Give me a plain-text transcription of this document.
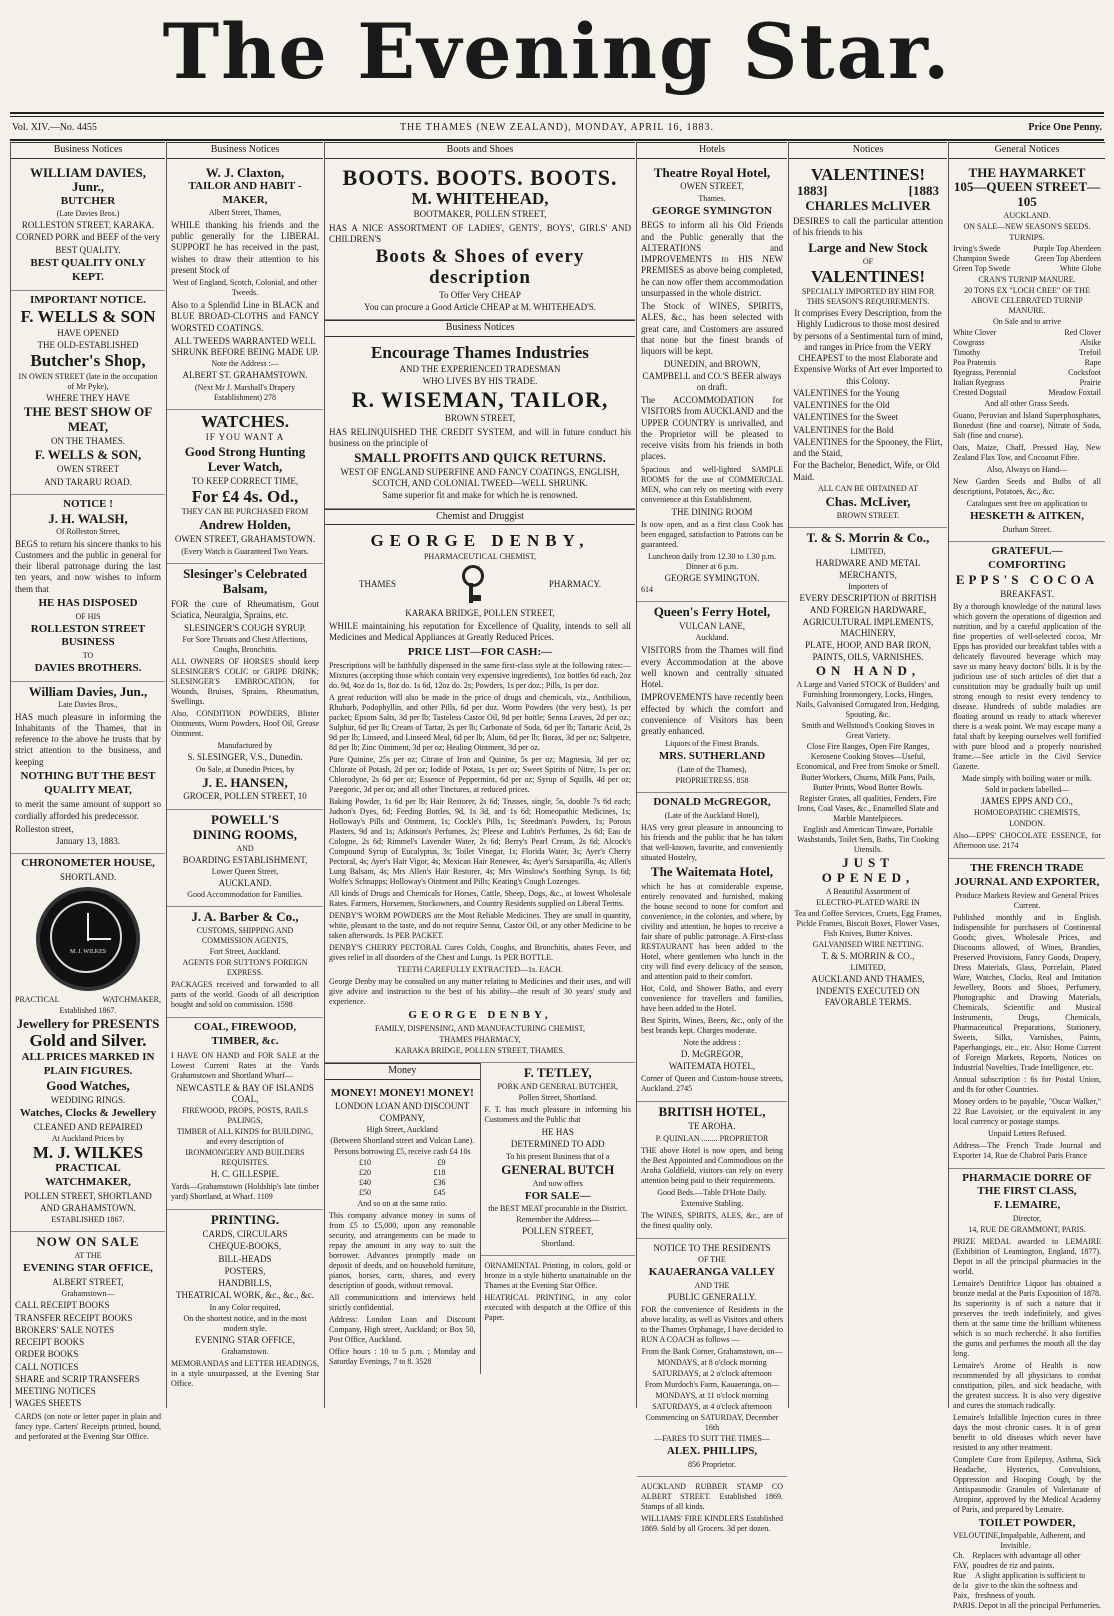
The Evening Star.
Vol. XIV.—No. 4455	THE THAMES (NEW ZEALAND), MONDAY, APRIL 16, 1883.	Price One Penny.
Business Notices
WILLIAM DAVIES, Junr.,
BUTCHER
(Late Davies Bros.)
ROLLESTON STREET, KARAKA.
CORNED PORK and BEEF of the very
BEST QUALITY.
BEST QUALITY ONLY KEPT.
IMPORTANT NOTICE.
F. WELLS & SON
HAVE OPENED
THE OLD-ESTABLISHED
Butcher's Shop,
IN OWEN STREET (late in the occupation of Mr Pyke),
WHERE THEY HAVE
THE BEST SHOW OF
MEAT,
ON THE THAMES.
F. WELLS & SON,
OWEN STREET
AND TARARU ROAD.
NOTICE !
J. H. WALSH,
Of Rolleston Street,
BEGS to return his sincere thanks to his Customers and the public in general for their liberal patronage during the last ten years, and now wishes to inform them that
HE HAS DISPOSED
OF HIS
ROLLESTON STREET BUSINESS
TO
DAVIES BROTHERS.
William Davies, Jun.,
Late Davies Bros.,
HAS much pleasure in informing the Inhabitants of the Thames, that in reference to the above he trusts that by strict attention to the business, and keeping
NOTHING BUT THE BEST
QUALITY MEAT,
to merit the same amount of support so cordially afforded his predecessor.
Rolleston street,
January 13, 1883.
CHRONOMETER HOUSE,
SHORTLAND.
M. J. WILKES
PRACTICAL	WATCHMAKER,
Established 1867.
Jewellery for PRESENTS
Gold and Silver.
ALL PRICES MARKED IN PLAIN FIGURES.
Good Watches,
WEDDING RINGS.
Watches, Clocks & Jewellery
CLEANED AND REPAIRED
At Auckland Prices by
M. J. WILKES
PRACTICAL WATCHMAKER,
POLLEN STREET, SHORTLAND
AND GRAHAMSTOWN.
ESTABLISHED 1867.
NOW ON SALE
AT THE
EVENING STAR OFFICE,
ALBERT STREET,
Grahamstown—
CALL RECEIPT BOOKS
TRANSFER RECEIPT BOOKS
BROKERS' SALE NOTES
RECEIPT BOOKS
ORDER BOOKS
CALL NOTICES
SHARE and SCRIP TRANSFERS
MEETING NOTICES
WAGES SHEETS
CARDS (on note or letter paper in plain and fancy type. Carters' Receipts printed, bound, and perforated at the Evening Star Office.
Business Notices
W. J. Claxton,
TAILOR AND HABIT - MAKER,
Albert Street, Thames,
WHILE thanking his friends and the public generally for the LIBERAL SUPPORT he has received in the past, wishes to draw their attention to his present Stock of
West of England, Scotch, Colonial, and other Tweeds.
Also to a Splendid Line in BLACK and BLUE BROAD-CLOTHS and FANCY WORSTED COATINGS.
ALL TWEEDS WARRANTED WELL SHRUNK BEFORE BEING MADE UP.
Note the Address :—
ALBERT ST. GRAHAMSTOWN.
(Next Mr J. Marshall's Drapery Establishment) 278
WATCHES.
IF YOU WANT A
Good Strong Hunting Lever Watch,
TO KEEP CORRECT TIME,
For £4 4s. Od.,
THEY CAN BE PURCHASED FROM
Andrew Holden,
OWEN STREET, GRAHAMSTOWN.
(Every Watch is Guaranteed Two Years.
Slesinger's Celebrated Balsam,
FOR the cure of Rheumatism, Gout Sciatica, Neuralgia, Sprains, etc.
SLESINGER'S COUGH SYRUP.
For Sore Throats and Chest Affections, Coughs, Bronchitis.
ALL OWNERS OF HORSES should keep SLESINGER'S COLIC or GRIPE DRINK; SLESINGER'S EMBROCATION, for Wounds, Bruises, Sprains, Rheumatism, Swellings.
Also, CONDITION POWDERS, Blister Ointments, Worm Powders, Hoof Oil, Grease Ointment.
Manufactured by
S. SLESINGER, V.S., Dunedin.
On Sale, at Dunedin Prices, by
J. E. HANSEN,
GROCER, POLLEN STREET, 10
POWELL'S
DINING ROOMS,
AND
BOARDING ESTABLISHMENT,
Lower Queen Street,
AUCKLAND.
Good Accommodation for Families.
J. A. Barber & Co.,
CUSTOMS, SHIPPING AND COMMISSION AGENTS,
Fort Street, Auckland.
AGENTS FOR SUTTON'S FOREIGN EXPRESS.
PACKAGES received and forwarded to all parts of the world. Goods of all description bought and sold on commission. 1598
COAL, FIREWOOD, TIMBER, &c.
I HAVE ON HAND and FOR SALE at the Lowest Current Rates at the Yards Grahamstown and Shortland Wharf—
NEWCASTLE & BAY OF ISLANDS COAL,
FIREWOOD, PROPS, POSTS, RAILS PALINGS,
TIMBER of ALL KINDS for BUILDING, and every description of
IRONMONGERY AND BUILDERS REQUISITES.
H. C. GILLESPIE.
Yards—Grahamstown (Holdship's late timber yard) Shortland, at Wharf. 1109
PRINTING.
CARDS, CIRCULARS
CHEQUE-BOOKS,
BILL-HEADS
POSTERS,
HANDBILLS,
THEATRICAL WORK, &c., &c., &c.
In any Color required,
On the shortest notice, and in the most modern style.
EVENING STAR OFFICE,
Grahamstown.
MEMORANDAS and LETTER HEADINGS, in a style unsurpassed, at the Evening Star Office.
Boots and Shoes
BOOTS. BOOTS. BOOTS.
M. WHITEHEAD,
BOOTMAKER, POLLEN STREET,
HAS A NICE ASSORTMENT OF LADIES', GENTS', BOYS', GIRLS' AND CHILDREN'S
Boots & Shoes of every description
To Offer Very CHEAP
You can procure a Good Article CHEAP at M. WHITEHEAD'S.
Business Notices
Encourage Thames Industries
AND THE EXPERIENCED TRADESMAN
WHO LIVES BY HIS TRADE.
R. WISEMAN, TAILOR,
BROWN STREET,
HAS RELINQUISHED THE CREDIT SYSTEM, and will in future conduct his business on the principle of
SMALL PROFITS AND QUICK RETURNS.
WEST OF ENGLAND SUPERFINE AND FANCY COATINGS, ENGLISH, SCOTCH, AND COLONIAL TWEED—WELL SHRUNK.
Same superior fit and make for which he is renowned.
Chemist and Druggist
GEORGE DENBY,
PHARMACEUTICAL CHEMIST,
THAMES	PHARMACY.
KARAKA BRIDGE, POLLEN STREET,
WHILE maintaining his reputation for Excellence of Quality, intends to sell all Medicines and Medical Appliances at Greatly Reduced Prices.
PRICE LIST—FOR CASH:—
Prescriptions will be faithfully dispensed in the same first-class style at the following rates:—Mixtures (accepting those which contain very expensive ingredients), 1oz bottles 6d each, 2oz do. 9d, 4oz do 1s, 8oz do. 1s 6d, 12oz do. 2s; Powders, 1s per doz.; Pills, 1s per doz.
A great reduction will also be made in the price of drugs and chemicals, viz., Antibilious, Rhubarb, Podophyllin, and other Pills, 6d per doz. Worm Powders (the very best), 1s per packet; Epsom Salts, 3d per lb; Tasteless Castor Oil, 9d per bottle; Senna Leaves, 2d per oz.; Sulphur, 6d per lb; Cream of Tartar, 2s per lb; Carbonate of Soda, 6d per lb; Tartaric Acid, 2s 9d per lb; Linseed, and Linseed Meal, 6d per lb; Alum, 6d per lb; Borax, 3d per oz; Saltpetre, 8d per lb; Zinc Ointment, 3d per oz; Healing Ointment, 3d per oz.
Pure Quinine, 25s per oz; Citrate of Iron and Quinine, 5s per oz; Magnesia, 3d per oz; Chlorate of Potash, 2d per oz; Iodide of Potass, 1s per oz; Sweet Spirits of Nitre, 1s per oz; Chlorodyne, 2s 6d per oz; Essence of Peppermint, 6d per oz; Syrup of Squills, 4d per oz; Paregoric, 3d per oz; and all other Tinctures, at reduced prices.
Baking Powder, 1s 6d per lb; Hair Restorer, 2s 6d; Trusses, single, 5s, double 7s 6d each; Judson's Dyes, 6d; Feeding Bottles, 9d, 1s 3d, and 1s 6d; Homeopathic Medicines, 1s; Holloway's Pills and Ointment, 1s; Cockle's Pills, 1s; Steedman's Powders, 1s; Porous Plasters, 9d and 1s; Atkinson's Perfumes, 2s; Pleese and Lubin's Perfumes, 2s 6d; Eau de Cologne, 2s 6d; Rimmel's Lavender Water, 2s 6d; Berry's Pearl Cream, 2s 6d; Alcock's Compound Syrup of Eucalyptus, 3s; Toilet Vinegar, 1s; Florida Water, 3s; Ayer's Cherry Pectoral, 4s; Ayer's Hair Vigor, 4s; Mexican Hair Renewer, 4s; Ayer's Sarsaparilla, 4s; Allen's Lung Balsam, 4s; Mrs Allen's Hair Restorer, 4s; Mrs Winslow's Soothing Syrup, 1s 6d; Wolfe's Schnapps; Holloway's Ointment and Pills; Keating's Cough Lozenges.
All kinds of Drugs and Chemicals for Horses, Cattle, Sheep, Dogs, &c., at lowest Wholesale Rates. Farmers, Horsemen, Stockowners, and Country Residents supplied on Liberal Terms.
DENBY'S WORM POWDERS are the Most Reliable Medicines. They are small in quantity, white, pleasant to the taste, and do not require Senna, Castor Oil, or any other Medicine to be taken afterwards. 1s PER PACKET.
DENBY'S CHERRY PECTORAL Cures Colds, Coughs, and Bronchitis, abates Fever, and gives relief in all disorders of the Chest and Lungs. 1s PER BOTTLE.
TEETH CAREFULLY EXTRACTED—1s. EACH.
George Denby may be consulted on any matter relating to Medicines and their uses, and will give advice and instruction to the best of his ability—the result of 30 years' study and experience.
GEORGE DENBY,
FAMILY, DISPENSING, AND MANUFACTURING CHEMIST,
THAMES PHARMACY,
KARAKA BRIDGE, POLLEN STREET, THAMES.
Money
MONEY! MONEY! MONEY!
LONDON LOAN AND DISCOUNT COMPANY,
High Street, Auckland
(Between Shortland street and Vulcan Lane).
Persons borrowing £5, receive cash £4 10s
£10	£9
£20	£18
£40	£36
£50	£45
And so on at the same ratio.
This company advance money in sums of from £5 to £5,000, upon any reasonable security, and arrangements can be made to repay the amount in any way to suit the borrower. Advances promptly made on deposit of deeds, and on household furniture, pianos, horses, carts, shares, and every description of goods, without removal.
All communications and interviews held strictly confidential.
Address: London Loan and Discount Company, High street, Auckland; or Box 50, Post Office, Auckland.
Office hours : 10 to 5 p.m. ; Monday and Saturday Evenings, 7 to 8. 3528
F. TETLEY,
PORK AND GENERAL BUTCHER,
Pollen Street, Shortland.
F. T. has much pleasure in informing his Customers and the Public that
HE HAS
DETERMINED TO ADD
To his present Business that of a
GENERAL BUTCH
And now offers
FOR SALE—
the BEST MEAT procurable in the District.
Remember the Address—
POLLEN STREET,
Shortland.
ORNAMENTAL Printing, in colors, gold or bronze in a style hitherto unattainable on the Thames at the Evening Star Office.
HEATRICAL PRINTING, in any color executed with despatch at the Office of this Paper.
Hotels
Theatre Royal Hotel,
OWEN STREET,
Thames.
GEORGE SYMINGTON
BEGS to inform all his Old Friends and the Public generally that the ALTERATIONS and IMPROVEMENTS to HIS NEW PREMISES as above being completed, he can now offer them accommodation unsurpassed in the whole district.
The Stock of WINES, SPIRITS, ALES, &c., has been selected with great care, and Customers are assured that none but the finest brands of liquors will be kept.
DUNEDIN, and BROWN, CAMPBELL and CO.'S BEER always on draft.
The ACCOMMODATION for VISITORS from AUCKLAND and the UPPER COUNTRY is unrivalled, and the Proprietor will be pleased to receive visits from his friends in both places.
Spacious and well-lighted SAMPLE ROOMS for the use of COMMERCIAL MEN, who can rely on meeting with every convenience at this Establishment.
THE DINING ROOM
Is now open, and as a first class Cook has been engaged, satisfaction to Patrons can be guaranteed.
Luncheon daily from 12.30 to 1.30 p.m. Dinner at 6 p.m.
GEORGE SYMINGTON.
614
Queen's Ferry Hotel,
VULCAN LANE,
Auckland.
VISITORS from the Thames will find every Accommodation at the above well known and centrally situated Hotel.
IMPROVEMENTS have recently been effected by which the comfort and convenience of Visitors has been greatly enhanced.
Liquors of the Finest Brands.
MRS. SUTHERLAND
(Late of the Thames),
PROPRIETRESS. 858
DONALD McGREGOR,
(Late of the Auckland Hotel),
HAS very great pleasure in announcing to his friends and the public that he has taken that well-known, favorite, and conveniently situated Hostelry,
The Waitemata Hotel,
which he has at considerable expense, entirely renovated and furnished, making the house second to none for comfort and convenience, in the colonies, and where, by civility and attention, he hopes to receive a fair share of public patronage. A First-class RESTAURANT has been added to the Hotel, where gentlemen who lunch in the city will find every delicacy of the season, and attention paid to their comfort.
Hot, Cold, and Shower Baths, and every convenience for travellers and families, have been added to the Hotel.
Best Spirits, Wines, Beers, &c., only of the best brands kept. Charges moderate.
Note the address :
D. McGREGOR,
WAITEMATA HOTEL,
Corner of Queen and Custom-house streets, Auckland. 2745
BRITISH HOTEL,
TE AROHA.
P. QUINLAN ........ PROPRIETOR
THE above Hotel is now open, and being the Best Appointed and Commodious on the Aroha Goldfield, visitors can rely on every attention being paid to their requirements.
Good Beds.—Table D'Hote Daily.
Extensive Stabling.
The WINES, SPIRITS, ALES, &c., are of the finest quality only.
NOTICE TO THE RESIDENTS
OF THE
KAUAERANGA VALLEY
AND THE
PUBLIC GENERALLY.
FOR the convenience of Residents in the above locality, as well as Visitors and others to the Thames Orphanage, I have decided to RUN A COACH as follows —
From the Bank Corner, Grahamstown, on—
MONDAYS, at 8 o'clock morning
SATURDAYS, at 2 o'clock afternoon
From Murdoch's Farm, Kauaeranga, on—
MONDAYS, at 11 o'clock morning
SATURDAYS, at 4 o'clock afternoon
Commencing on SATURDAY, December 16th
—FARES TO SUIT THE TIMES—
ALEX. PHILLIPS,
856 Proprietor.
AUCKLAND RUBBER STAMP CO ALBERT STREET. Established 1869. Stamps of all kinds.
WILLIAMS' FIRE KINDLERS Established 1869. Sold by all Grocers. 3d per dozen.
Notices
VALENTINES!
1883]	[1883
CHARLES McLIVER
DESIRES to call the particular attention of his friends to his
Large and New Stock
OF
VALENTINES!
SPECIALLY IMPORTED BY HIM FOR THIS SEASON'S REQUIREMENTS.
It comprises Every Description, from the Highly Ludicrous to those most desired by persons of a Sentimental turn of mind, and ranges in Price from the VERY CHEAPEST to the most Elaborate and Expensive Works of Art ever Imported to this Colony.
VALENTINES for the Young
VALENTINES for the Old
VALENTINES for the Sweet
VALENTINES for the Bold
VALENTINES for the Spooney, the Flirt, and the Staid,
For the Bachelor, Benedict, Wife, or Old Maid.
ALL CAN BE OBTAINED AT
Chas. McLiver,
BROWN STREET.
T. & S. Morrin & Co.,
LIMITED,
HARDWARE AND METAL
MERCHANTS,
Importers of
EVERY DESCRIPTION of BRITISH AND FOREIGN HARDWARE,
AGRICULTURAL IMPLEMENTS, MACHINERY,
PLATE, HOOP, AND BAR IRON, PAINTS, OILS, VARNISHES.
ON HAND,
A Large and Varied STOCK of Builders' and Furnishing Ironmongery, Locks, Hinges, Nails, Galvanised Corrugated Iron, Hedging, Spouting, &c.
Smith and Wellstood's Cooking Stoves in Great Variety.
Close Fire Ranges, Open Fire Ranges, Kerosene Cooking Stoves—Useful, Economical, and Free from Smoke or Smell.
Butter Workers, Churns, Milk Pans, Pails, Butter Prints, Wood Butter Bowls.
Register Grates, all qualities, Fenders, Fire Irons, Coal Vases, &c., Enamelled Slate and Marble Mantelpieces.
English and American Tinware, Portable Washstands, Toilet Sets, Baths, Tin Cooking Utensils.
JUST OPENED,
A Beautiful Assortment of
ELECTRO-PLATED WARE IN
Tea and Coffee Services, Cruets, Egg Frames, Pickle Frames, Biscuit Boxes, Flower Vases, Fish Knives, Butter Knives.
GALVANISED WIRE NETTING.
T. & S. MORRIN & CO.,
LIMITED,
AUCKLAND AND THAMES,
INDENTS EXECUTED ON FAVORABLE TERMS.
General Notices
THE HAYMARKET
105—QUEEN STREET—105
AUCKLAND.
ON SALE—NEW SEASON'S SEEDS.
TURNIPS.
Irving's Swede	Purple Top Aberdeen
Champion Swede	Green Top Aberdeen
Green Top Swede	White Globe
CRAN'S TURNIP MANURE.
20 TONS EX "LOCH CREE" OF THE ABOVE CELEBRATED TURNIP MANURE.
On Sale and to arrive
White Clover	Red Clover
Cowgrass	Alsike
Timothy	Trefoil
Poa Pratensis	Rape
Ryegrass, Perennial	Cocksfoot
Italian Ryegrass	Prairie
Crested Dogstail	Meadow Foxtail
And all other Grass Seeds.
Guano, Peruvian and Island Superphosphates, Bonedust (fine and coarse), Nitrate of Soda, Salt (fine and coarse).
Oats, Maize, Chaff, Pressed Hay, New Zealand Flax Tow, and Cocoanut Fibre.
Also, Always on Hand—
New Garden Seeds and Bulbs of all descriptions, Potatoes, &c., &c.
Catalogues sent free on application to
HESKETH & AITKEN,
Durham Street.
GRATEFUL—COMFORTING
EPPS'S COCOA
BREAKFAST.
By a thorough knowledge of the natural laws which govern the operations of digestion and nutrition, and by a careful application of the fine properties of well-selected cocoa, Mr Epps has provided our breakfast tables with a delicately flavoured beverage which may save us many heavy doctors' bills. It is by the judicious use of such articles of diet that a constitution may be gradually built up until strong enough to resist every tendency to disease. Hundreds of subtle maladies are floating around us ready to attack wherever there is a weak point. We may escape many a fatal shaft by keeping ourselves well fortified with pure blood and a properly nourished frame.—See article in the Civil Service Gazette.
Made simply with boiling water or milk.
Sold in packets labelled—
JAMES EPPS AND CO.,
HOMOEOPATHIC CHEMISTS,
LONDON.
Also—EPPS' CHOCOLATE ESSENCE, for Afternoon use. 2174
THE FRENCH TRADE JOURNAL AND EXPORTER,
Produce Markets Review and General Prices Current.
Published monthly and in English. Indispensible for purchasers of Continental Goods; gives, Wholesale Prices, and Discounts allowed, of Wines, Brandies, Preserved Provisions, Fancy Goods, Drapery, Dress Materials, Glass, Porcelain, Plated Ware, Watches, Clocks, Real and Imitation Jewellery, Boots and Shoes, Perfumery, Photographic and Drawing Materials, Chemicals, Scientific and Musical Instruments, Drugs, Chemicals, Pharmaceutical Preparations, Stationery, Sweets, Silks, Varnishes, Paints, Paperhangings, etc., etc. Also: Home Current of Foreign Markets, Reports, Notices on Industrial Novelties, Trade Intelligence, etc.
Annual subscription : 6s for Postal Union, and 8s for other Countries.
Money orders to be payable, "Oscar Walker," 22 Rue Lavoisier, or the equivalent in any local currency or postage stamps.
Unpaid Letters Refused.
Address—The French Trade Journal and Exporter 14, Rue de Chabrol Paris France
PHARMACIE DORRE OF THE FIRST CLASS,
F. LEMAIRE,
Director,
14, RUE DE GRAMMONT, PARIS.
PRIZE MEDAL awarded to LEMAIRE (Exhibition of Leamington, England, 1877). Depot in all the principal pharmacies in the world.
Lemaire's Dentifrice Liquor has obtained a bronze medal at the Paris Exposition of 1878. Its superiority is of such a nature that it preserves the teeth indefinitely, and gives them at the same time the brilliant whiteness which is so much recherché. It also fortifies the gums and perfumes the mouth all the day long.
Lemaire's Arome of Health is now recommended by all physicians to combat constipation, piles, and sick headache, with the greatest success. It is also very digestive and cures the stomach radically.
Lemaire's Infallible Injection cures in three days the most chronic cases. It is of great benefit to old diseases which never have resisted to any other treatment.
Complete Cure from Epilepsy, Asthma, Sick Headache, Hysterics, Convulsions, Oppression and Hooping Cough, by the Antispasmodic Granules of Valerianate of Atropine, approved by the Medical Academy of Paris, and prepared by Lemaire.
TOILET POWDER,
VELOUTINE, Impalpable, Adherent, and Invisible.
Ch. FAY,
Replaces with advantage all other poudres de riz and paints.
Rue de la Paix,
A slight application is sufficient to give to the skin the softness and freshness of youth.
PARIS. Depot in all the principal Perfumeries.
